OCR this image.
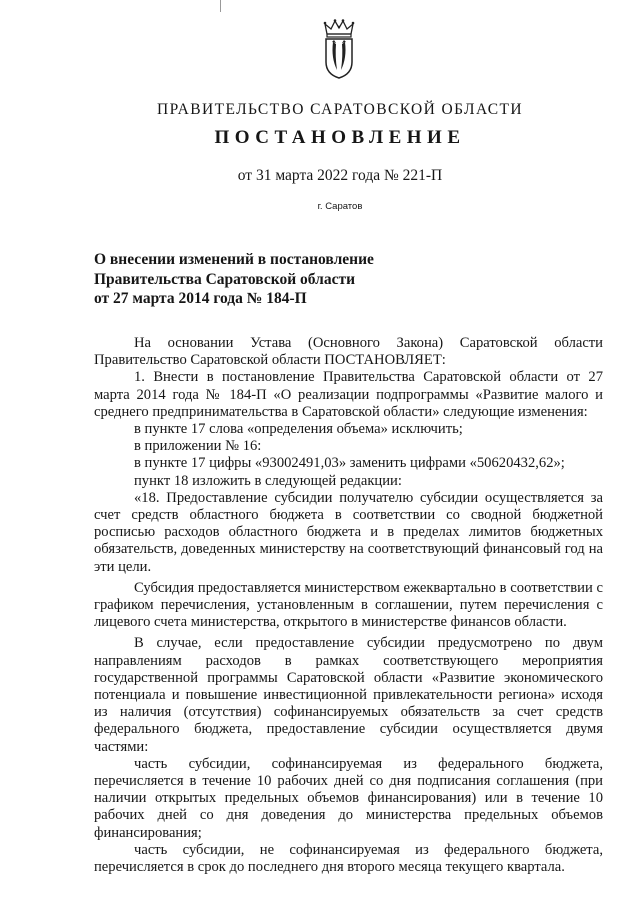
ПРАВИТЕЛЬСТВО САРАТОВСКОЙ ОБЛАСТИ
ПОСТАНОВЛЕНИЕ
от 31 марта 2022 года № 221-П
г. Саратов
О внесении изменений в постановление
Правительства Саратовской области
от 27 марта 2014 года № 184-П

На основании Устава (Основного Закона) Саратовской области Правительство Саратовской области ПОСТАНОВЛЯЕТ:

1. Внести в постановление Правительства Саратовской области от 27 марта 2014 года № 184-П «О реализации подпрограммы «Развитие малого и среднего предпринимательства в Саратовской области» следующие изменения:

в пункте 17 слова «определения объема» исключить;

в приложении № 16:

в пункте 17 цифры «93002491,03» заменить цифрами «50620432,62»;

пункт 18 изложить в следующей редакции:

«18. Предоставление субсидии получателю субсидии осуществляется за счет средств областного бюджета в соответствии со сводной бюджетной росписью расходов областного бюджета и в пределах лимитов бюджетных обязательств, доведенных министерству на соответствующий финансовый год на эти цели.

Субсидия предоставляется министерством ежеквартально в соответствии с графиком перечисления, установленным в соглашении, путем перечисления с лицевого счета министерства, открытого в министерстве финансов области.

В случае, если предоставление субсидии предусмотрено по двум направлениям расходов в рамках соответствующего мероприятия государственной программы Саратовской области «Развитие экономического потенциала и повышение инвестиционной привлекательности региона» исходя из наличия (отсутствия) софинансируемых обязательств за счет средств федерального бюджета, предоставление субсидии осуществляется двумя частями:

часть субсидии, софинансируемая из федерального бюджета, перечисляется в течение 10 рабочих дней со дня подписания соглашения (при наличии открытых предельных объемов финансирования) или в течение 10 рабочих дней со дня доведения до министерства предельных объемов финансирования;

часть субсидии, не софинансируемая из федерального бюджета, перечисляется в срок до последнего дня второго месяца текущего квартала.
